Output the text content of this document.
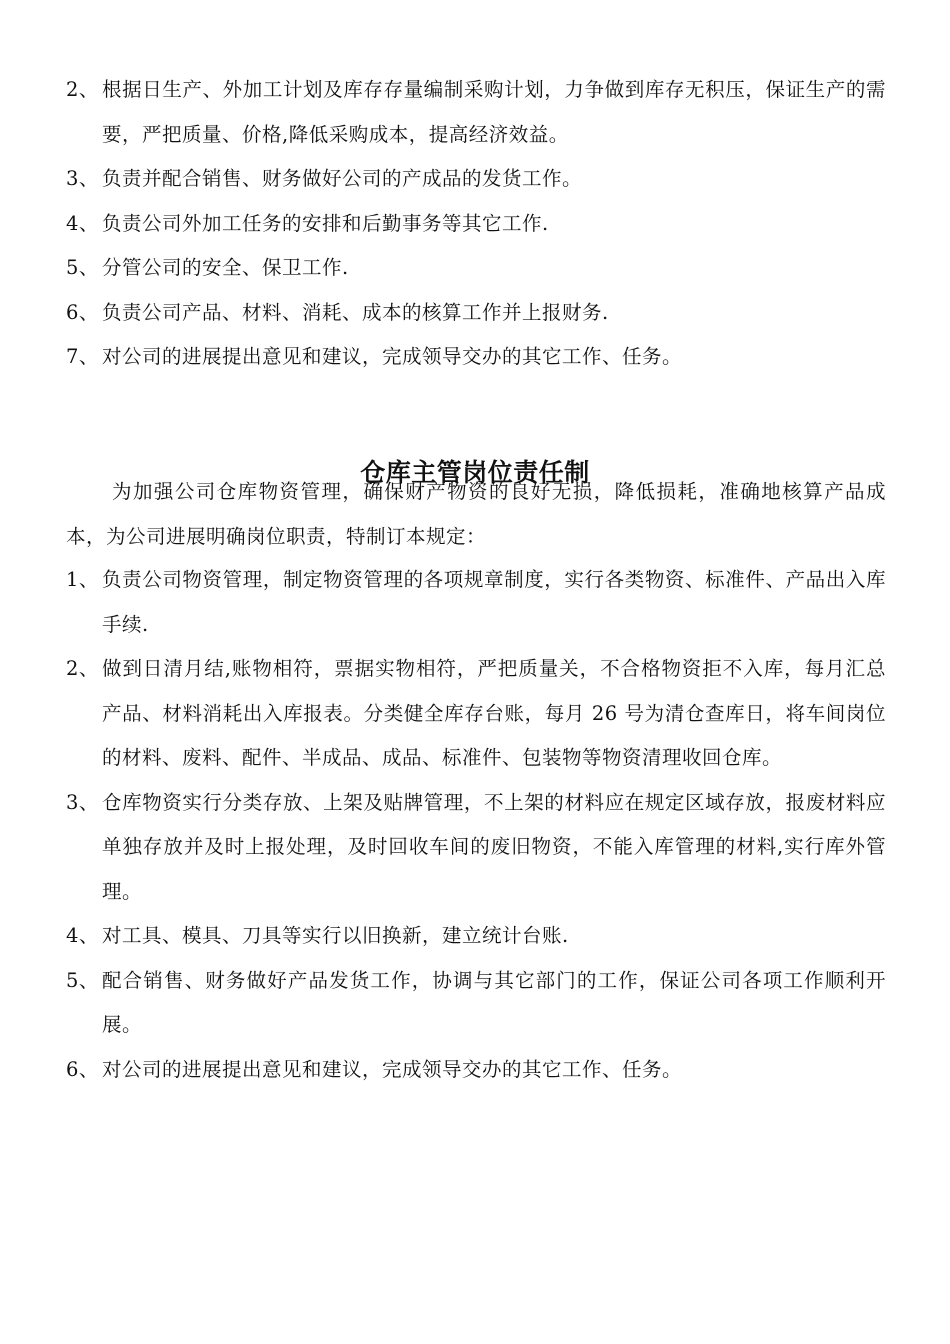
2、 根据日生产、外加工计划及库存存量编制采购计划，力争做到库存无积压，保证生产的需要，严把质量、价格,降低采购成本，提高经济效益。
3、 负责并配合销售、财务做好公司的产成品的发货工作。
4、 负责公司外加工任务的安排和后勤事务等其它工作.
5、 分管公司的安全、保卫工作.
6、 负责公司产品、材料、消耗、成本的核算工作并上报财务.
7、 对公司的进展提出意见和建议，完成领导交办的其它工作、任务。
仓库主管岗位责任制

为加强公司仓库物资管理，确保财产物资的良好无损，降低损耗，准确地核算产品成本，为公司进展明确岗位职责，特制订本规定：

1、 负责公司物资管理，制定物资管理的各项规章制度，实行各类物资、标准件、产品出入库手续.
2、 做到日清月结,账物相符，票据实物相符，严把质量关，不合格物资拒不入库，每月汇总产品、材料消耗出入库报表。分类健全库存台账，每月 26 号为清仓查库日，将车间岗位的材料、废料、配件、半成品、成品、标准件、包装物等物资清理收回仓库。
3、 仓库物资实行分类存放、上架及贴牌管理，不上架的材料应在规定区域存放，报废材料应单独存放并及时上报处理，及时回收车间的废旧物资，不能入库管理的材料,实行库外管理。
4、 对工具、模具、刀具等实行以旧换新，建立统计台账.
5、 配合销售、财务做好产品发货工作，协调与其它部门的工作，保证公司各项工作顺利开展。
6、 对公司的进展提出意见和建议，完成领导交办的其它工作、任务。
